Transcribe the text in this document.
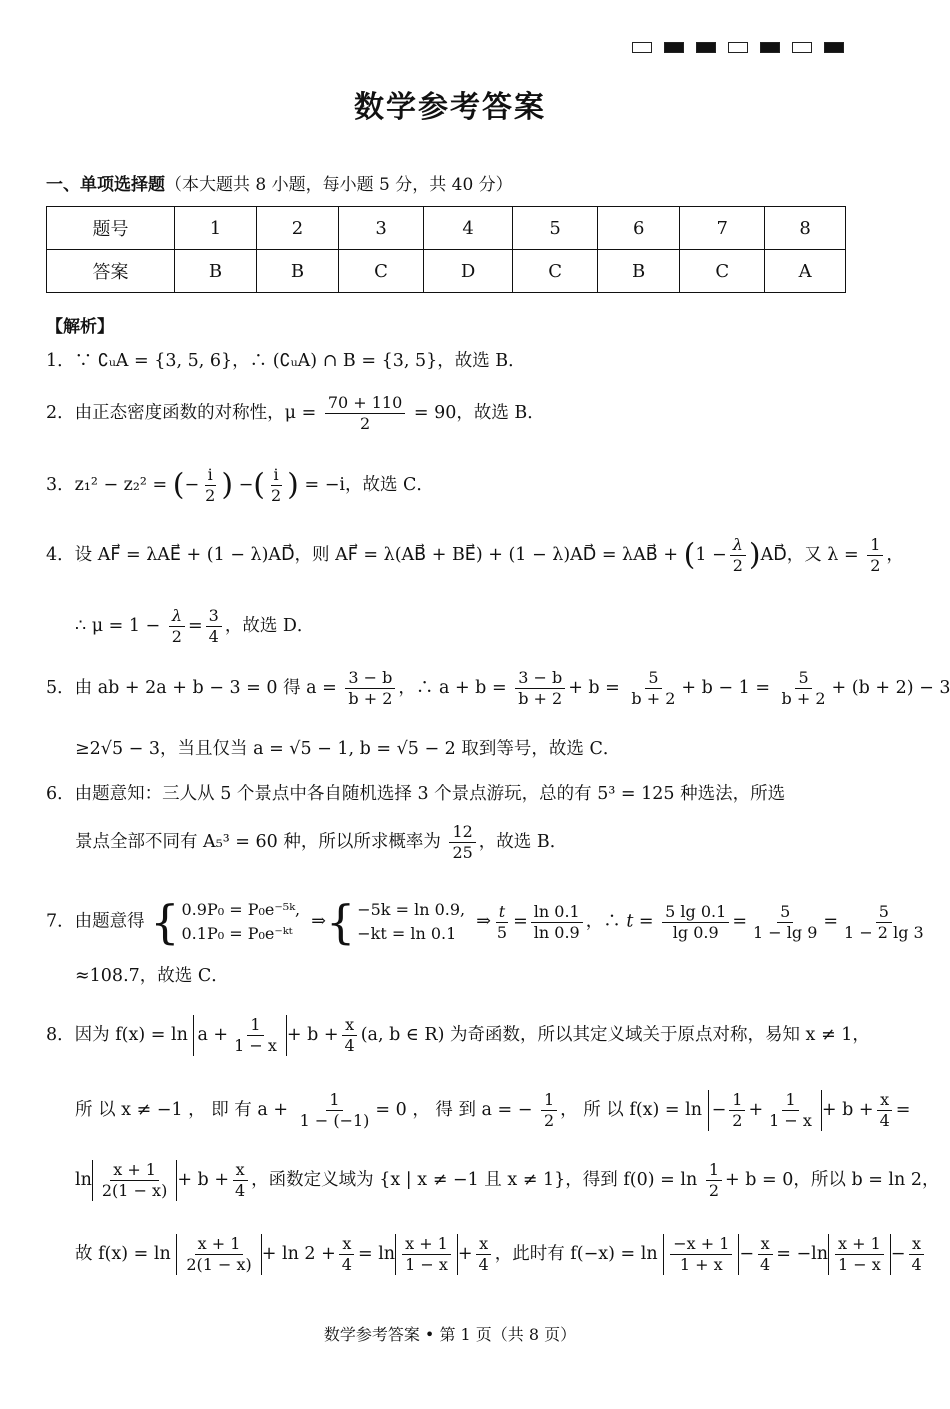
数学参考答案
一、单项选择题（本大题共 8 小题，每小题 5 分，共 40 分）
题号	1	2	3	4	5	6	7	8
答案	B	B	C	D	C	B	C	A
【解析】
1．∵ ∁ᵤA = {3, 5, 6}，∴ (∁ᵤA) ∩ B = {3, 5}，故选 B．
2．由正态密度函数的对称性，$\mu = \frac{70 + 110}{2} = 90$，故选 B．
3．z₁² − z₂² = (− $\frac{i}{2}$ ) −( $\frac{i}{2}$ ) = −i，故选 C．
4．设 AF⃗ = λAE⃗ + (1 − λ)AD⃗，则 AF⃗ = λ(AB⃗ + BE⃗) + (1 − λ)AD⃗ = λAB⃗ + ($1 - \frac{\lambda}{2}$ )AD⃗，又 $\lambda = \frac{1}{2}$ ，
∴ $\mu = 1 - \frac{\lambda}{2} = \frac{3}{4}$ ，故选 D．
5．由 ab + 2a + b − 3 = 0 得 $a = \frac{3 - b}{b + 2}$ ，∴ $a + b = \frac{3 - b}{b + 2} + b = \frac{5}{b + 2} + b - 1 = \frac{5}{b + 2} + (b + 2) - 3$
≥2√5 − 3，当且仅当 a = √5 − 1, b = √5 − 2 取到等号，故选 C．
6．由题意知：三人从 5 个景点中各自随机选择 3 个景点游玩，总的有 5³ = 125 种选法，所选
景点全部不同有 A₅³ = 60 种，所以所求概率为 $\frac{12}{25}$ ，故选 B．
7．由题意得 { 0.9P₀ = P₀e⁻⁵ᵏ,
0.1P₀ = P₀e⁻ᵏᵗ
⇒ { −5k = ln 0.9,
−kt = ln 0.1
⇒ $\frac{t}{5} = \frac{\ln 0.1}{\ln 0.9}$ ，∴ $t = \frac{5 \lg 0.1}{\lg 0.9} = \frac{5}{1 - \lg 9} = \frac{5}{1 - 2 \lg 3}$
≈108.7，故选 C．
8．因为 $f(x) = \ln a + \frac{1}{1 - x} + b + \frac{x}{4} (a$, b ∈ R) 为奇函数，所以其定义域关于原点对称，易知 x ≠ 1，
所 以 x ≠ −1 ， 即 有 $a + \frac{1}{1 - (-1)} = 0$ ， 得 到 a = − $\frac{1}{2}$ ， 所 以 $f(x) = \ln - \frac{1}{2} + \frac{1}{1 - x} + b + \frac{x}{4}$ =
$\ln \frac{x + 1}{2(1 - x)} + b + \frac{x}{4}$ ，函数定义域为 {x | x ≠ −1 且 x ≠ 1}，得到 $f(0) = \ln \frac{1}{2} + b = 0$，所以 b = ln 2，
故 $f(x) = \ln \frac{x + 1}{2(1 - x)} + \ln 2 + \frac{x}{4} = \ln \frac{x + 1}{1 - x} + \frac{x}{4}$ ，此时有 $f(-x) = \ln \frac{-x + 1}{1 + x} - \frac{x}{4} = -\ln \frac{x + 1}{1 - x} - \frac{x}{4}$
数学参考答案 • 第 1 页（共 8 页）
